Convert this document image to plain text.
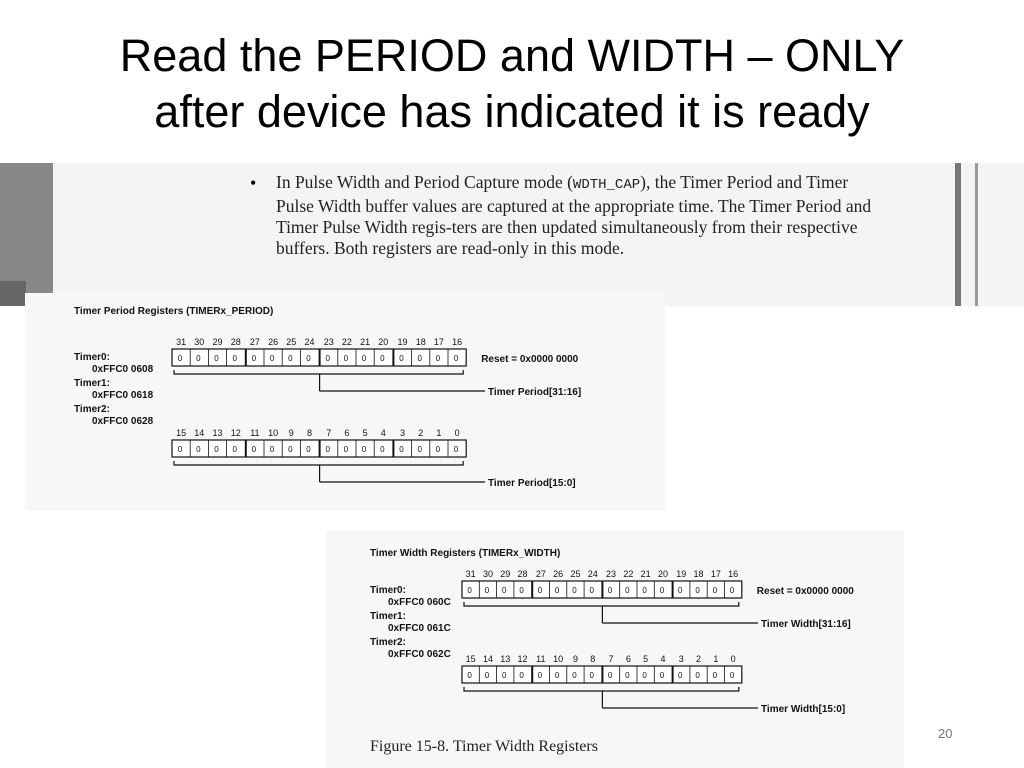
Read the PERIOD and WIDTH – ONLY
after device has indicated it is ready
• In Pulse Width and Period Capture mode (WDTH_CAP), the Timer Period and Timer Pulse Width buffer values are captured at the appropriate time. The Timer Period and Timer Pulse Width regis-ters are then updated simultaneously from their respective buffers. Both registers are read-only in this mode.
Timer Period Registers (TIMERx_PERIOD)
Timer0:
0xFFC0 0608
Timer1:
0xFFC0 0618
Timer2:
0xFFC0 0628
31 30 29 28 27 26 25 24 23 22 21 20 19 18 17 16
0 0 0 0 0 0 0 0 0 0 0 0 0 0 0 0 Reset = 0x0000 0000
Timer Period[31:16]
15 14 13 12 11 10 9 8 7 6 5 4 3 2 1 0
0 0 0 0 0 0 0 0 0 0 0 0 0 0 0 0
Timer Period[15:0]
Timer Width Registers (TIMERx_WIDTH)
Timer0:
0xFFC0 060C
Timer1:
0xFFC0 061C
Timer2:
0xFFC0 062C
31 30 29 28 27 26 25 24 23 22 21 20 19 18 17 16
0 0 0 0 0 0 0 0 0 0 0 0 0 0 0 0 Reset = 0x0000 0000
Timer Width[31:16]
15 14 13 12 11 10 9 8 7 6 5 4 3 2 1 0
0 0 0 0 0 0 0 0 0 0 0 0 0 0 0 0
Timer Width[15:0]
Figure 15-8. Timer Width Registers
20
